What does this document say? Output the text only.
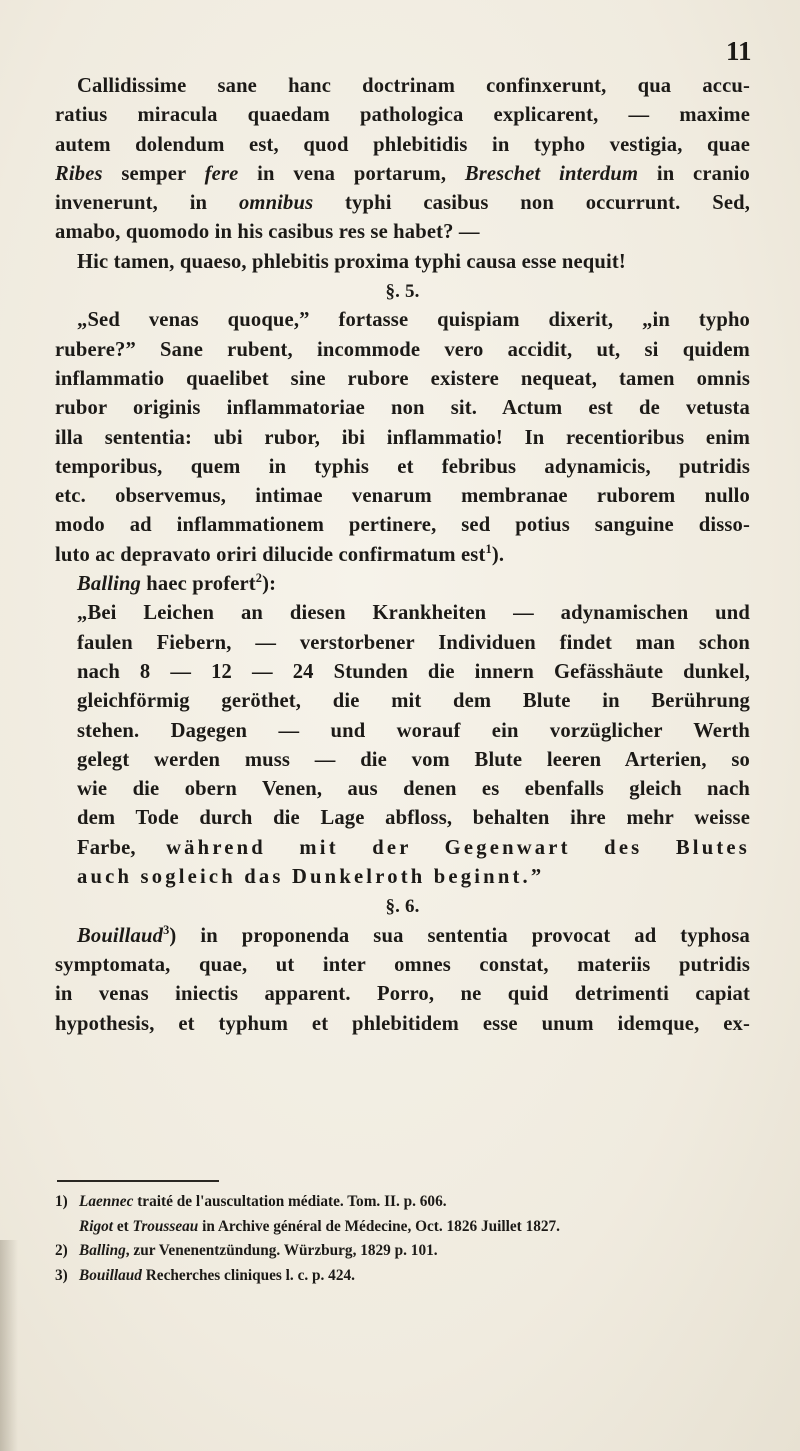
11
Callidissime sane hanc doctrinam confinxerunt, qua accu-
ratius miracula quaedam pathologica explicarent, — maxime
autem dolendum est, quod phlebitidis in typho vestigia, quae
Ribes semper fere in vena portarum, Breschet interdum in cranio
invenerunt, in omnibus typhi casibus non occurrunt. Sed,
amabo, quomodo in his casibus res se habet? —
Hic tamen, quaeso, phlebitis proxima typhi causa esse nequit!
§. 5.
„Sed venas quoque,” fortasse quispiam dixerit, „in typho
rubere?” Sane rubent, incommode vero accidit, ut, si quidem
inflammatio quaelibet sine rubore existere nequeat, tamen omnis
rubor originis inflammatoriae non sit. Actum est de vetusta
illa sententia: ubi rubor, ibi inflammatio! In recentioribus enim
temporibus, quem in typhis et febribus adynamicis, putridis
etc. observemus, intimae venarum membranae ruborem nullo
modo ad inflammationem pertinere, sed potius sanguine disso-
luto ac depravato oriri dilucide confirmatum est$^1$).
Balling haec profert$^2$):
„Bei Leichen an diesen Krankheiten — adynamischen und
faulen Fiebern, — verstorbener Individuen findet man schon
nach 8 — 12 — 24 Stunden die innern Gefässhäute dunkel,
gleichförmig geröthet, die mit dem Blute in Berührung
stehen. Dagegen — und worauf ein vorzüglicher Werth
gelegt werden muss — die vom Blute leeren Arterien, so
wie die obern Venen, aus denen es ebenfalls gleich nach
dem Tode durch die Lage abfloss, behalten ihre mehr weisse
Farbe, während mit der Gegenwart des Blutes
auch sogleich das Dunkelroth beginnt.”
§. 6.
Bouillaud$^3$) in proponenda sua sententia provocat ad typhosa
symptomata, quae, ut inter omnes constat, materiis putridis
in venas iniectis apparent. Porro, ne quid detrimenti capiat
hypothesis, et typhum et phlebitidem esse unum idemque, ex-
1) Laennec traité de l'auscultation médiate. Tom. II. p. 606.
Rigot et Trousseau in Archive général de Médecine, Oct. 1826 Juillet 1827.
2) Balling, zur Venenentzündung. Würzburg, 1829 p. 101.
3) Bouillaud Recherches cliniques l. c. p. 424.
